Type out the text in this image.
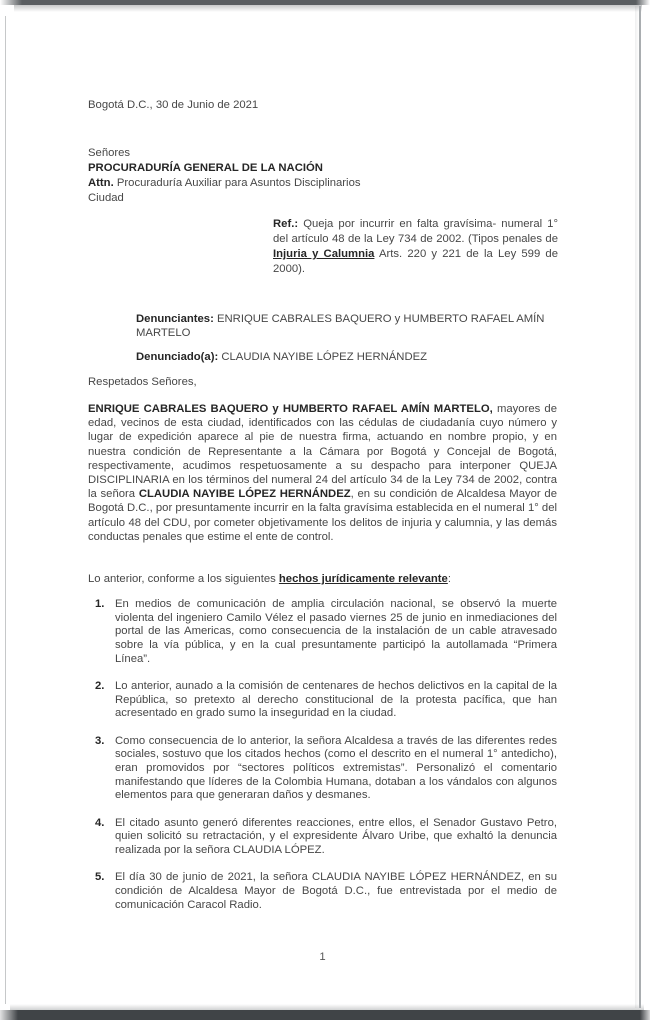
Bogotá D.C., 30 de Junio de 2021
Señores
PROCURADURÍA GENERAL DE LA NACIÓN
Attn. Procuraduría Auxiliar para Asuntos Disciplinarios
Ciudad
Ref.: Queja por incurrir en falta gravísima- numeral 1° del artículo 48 de la Ley 734 de 2002. (Tipos penales de Injuria y Calumnia Arts. 220 y 221 de la Ley 599 de 2000).

Denunciantes: ENRIQUE CABRALES BAQUERO y HUMBERTO RAFAEL AMÍN MARTELO

Denunciado(a): CLAUDIA NAYIBE LÓPEZ HERNÁNDEZ

Respetados Señores,

ENRIQUE CABRALES BAQUERO y HUMBERTO RAFAEL AMÍN MARTELO, mayores de edad, vecinos de esta ciudad, identificados con las cédulas de ciudadanía cuyo número y lugar de expedición aparece al pie de nuestra firma, actuando en nombre propio, y en nuestra condición de Representante a la Cámara por Bogotá y Concejal de Bogotá, respectivamente, acudimos respetuosamente a su despacho para interponer QUEJA DISCIPLINARIA en los términos del numeral 24 del artículo 34 de la Ley 734 de 2002, contra la señora CLAUDIA NAYIBE LÓPEZ HERNÁNDEZ, en su condición de Alcaldesa Mayor de Bogotá D.C., por presuntamente incurrir en la falta gravísima establecida en el numeral 1° del artículo 48 del CDU, por cometer objetivamente los delitos de injuria y calumnia, y las demás conductas penales que estime el ente de control.

Lo anterior, conforme a los siguientes hechos jurídicamente relevante:

1. En medios de comunicación de amplia circulación nacional, se observó la muerte violenta del ingeniero Camilo Vélez el pasado viernes 25 de junio en inmediaciones del portal de las Americas, como consecuencia de la instalación de un cable atravesado sobre la vía pública, y en la cual presuntamente participó la autollamada “Primera Línea”.
2. Lo anterior, aunado a la comisión de centenares de hechos delictivos en la capital de la República, so pretexto al derecho constitucional de la protesta pacífica, que han acresentado en grado sumo la inseguridad en la ciudad.
3. Como consecuencia de lo anterior, la señora Alcaldesa a través de las diferentes redes sociales, sostuvo que los citados hechos (como el descrito en el numeral 1° antedicho), eran promovidos por “sectores políticos extremistas”. Personalizó el comentario manifestando que líderes de la Colombia Humana, dotaban a los vándalos con algunos elementos para que generaran daños y desmanes.
4. El citado asunto generó diferentes reacciones, entre ellos, el Senador Gustavo Petro, quien solicitó su retractación, y el expresidente Álvaro Uribe, que exhaltó la denuncia realizada por la señora CLAUDIA LÓPEZ.
5. El día 30 de junio de 2021, la señora CLAUDIA NAYIBE LÓPEZ HERNÁNDEZ, en su condición de Alcaldesa Mayor de Bogotá D.C., fue entrevistada por el medio de comunicación Caracol Radio.
1
